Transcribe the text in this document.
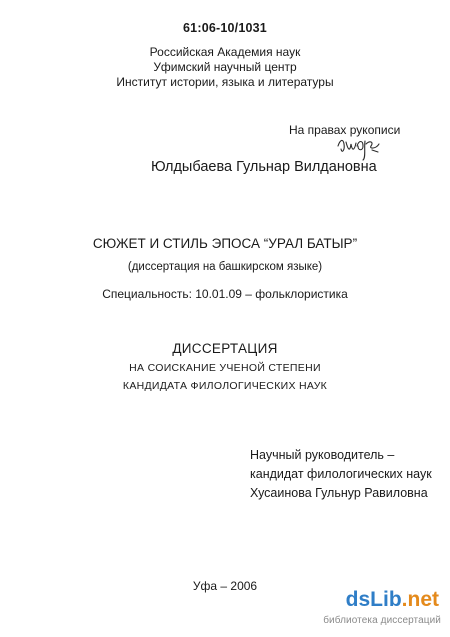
61:06-10/1031
Российская Академия наук
Уфимский научный центр
Институт истории, языка и литературы
На правах рукописи
Юлдыбаева Гульнар Вилдановна
СЮЖЕТ И СТИЛЬ ЭПОСА “УРАЛ БАТЫР”
(диссертация на башкирском языке)
Специальность: 10.01.09 – фольклористика
ДИССЕРТАЦИЯ
НА СОИСКАНИЕ УЧЕНОЙ СТЕПЕНИ
КАНДИДАТА ФИЛОЛОГИЧЕСКИХ НАУК
Научный руководитель –
кандидат филологических наук
Хусаинова Гульнур Равиловна
Уфа – 2006
dsLib.net
библиотека диссертаций
